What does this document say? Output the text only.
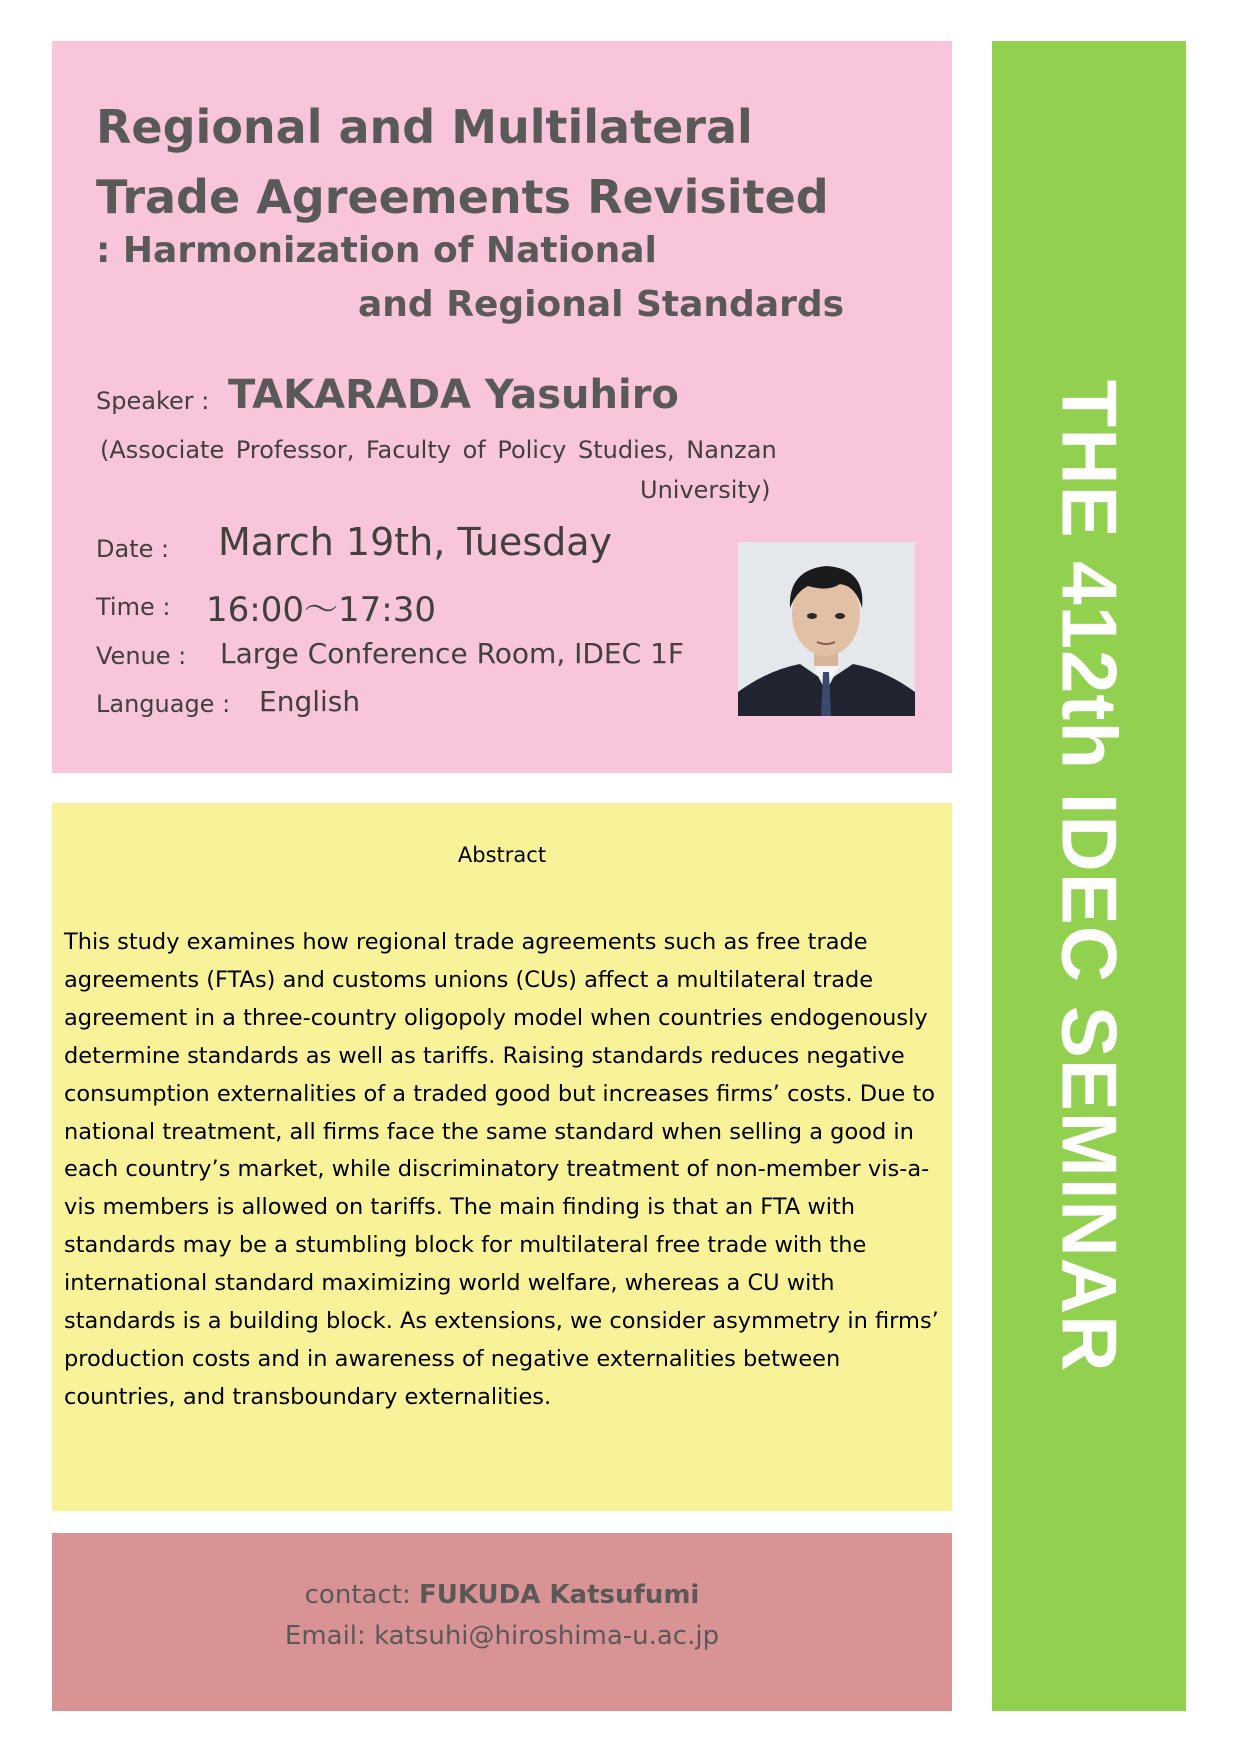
THE 412th IDEC SEMINAR
Regional and Multilateral
Trade Agreements Revisited
: Harmonization of National
and Regional Standards
Speaker : TAKARADA Yasuhiro
(Associate Professor, Faculty of Policy Studies, Nanzan
University)
Date : March 19th, Tuesday
Time : 16:00～17:30
Venue : Large Conference Room, IDEC 1F
Language : English
Abstract

This study examines how regional trade agreements such as free trade agreements (FTAs) and customs unions (CUs) affect a multilateral trade agreement in a three-country oligopoly model when countries endogenously determine standards as well as tariffs. Raising standards reduces negative consumption externalities of a traded good but increases firms’ costs. Due to national treatment, all firms face the same standard when selling a good in each country’s market, while discriminatory treatment of non-member vis-a-vis members is allowed on tariffs. The main finding is that an FTA with standards may be a stumbling block for multilateral free trade with the international standard maximizing world welfare, whereas a CU with standards is a building block. As extensions, we consider asymmetry in firms’ production costs and in awareness of negative externalities between countries, and transboundary externalities.

contact: FUKUDA Katsufumi
Email: katsuhi@hiroshima-u.ac.jp
